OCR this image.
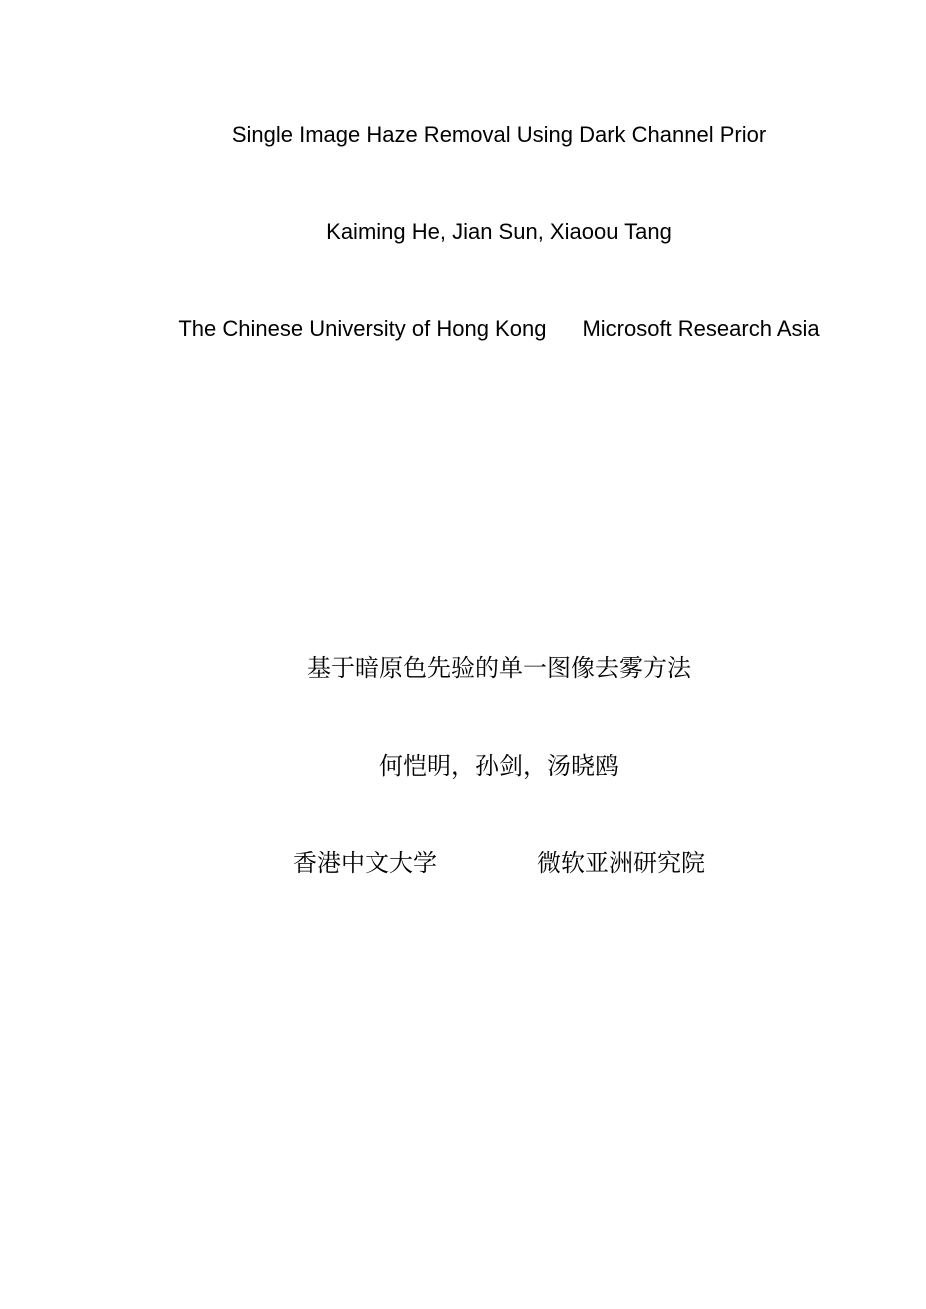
Single Image Haze Removal Using Dark Channel Prior
Kaiming He, Jian Sun, Xiaoou Tang
The Chinese University of Hong Kong Microsoft Research Asia
基于暗原色先验的单一图像去雾方法
何恺明，孙剑，汤晓鸥
香港中文大学	微软亚洲研究院
